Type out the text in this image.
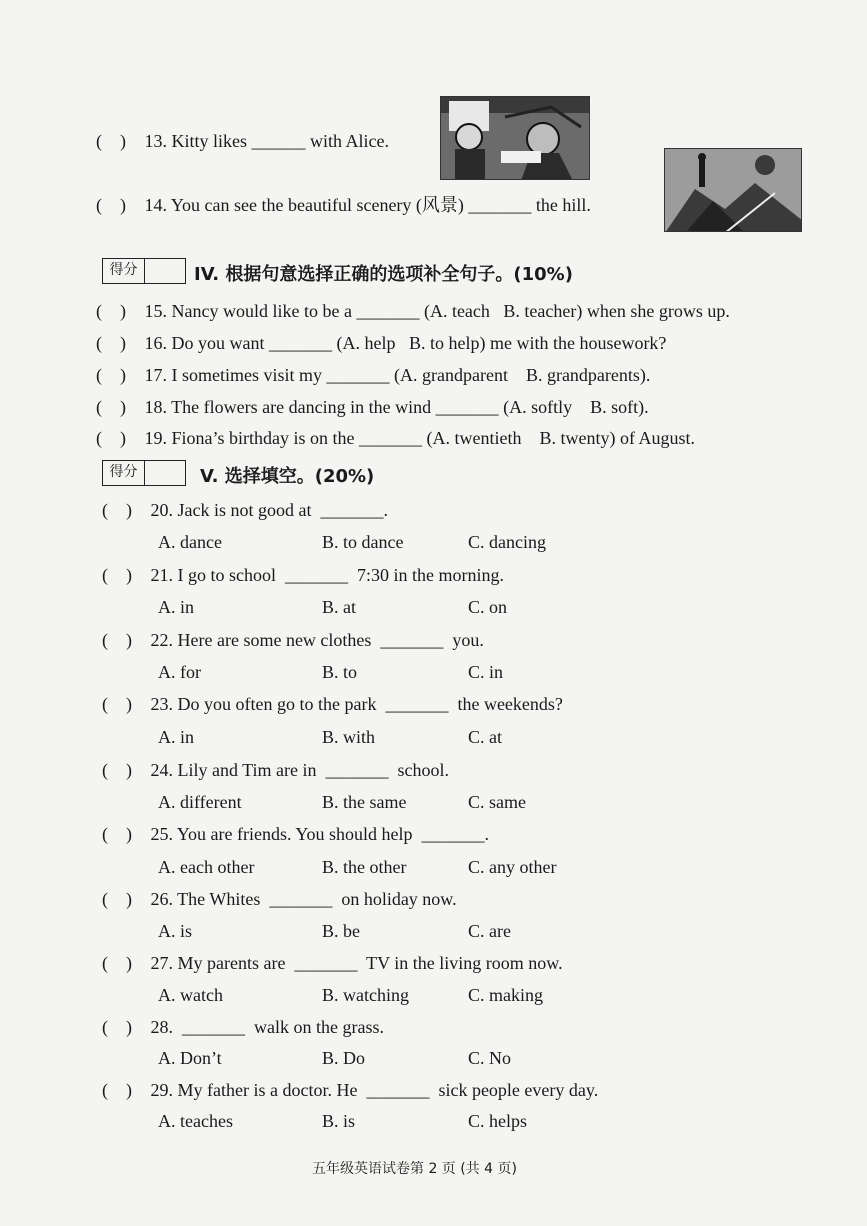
(    ) 13. Kitty likes ______ with Alice.
(    ) 14. You can see the beautiful scenery (风景) _______ the hill.
得分	IV. 根据句意选择正确的选项补全句子。(10%)
(    ) 15. Nancy would like to be a _______ (A. teach   B. teacher) when she grows up.
(    ) 16. Do you want _______ (A. help   B. to help) me with the housework?
(    ) 17. I sometimes visit my _______ (A. grandparent    B. grandparents).
(    ) 18. The flowers are dancing in the wind _______ (A. softly    B. soft).
(    ) 19. Fiona’s birthday is on the _______ (A. twentieth    B. twenty) of August.
得分	V. 选择填空。(20%)
(    ) 20. Jack is not good at  _______.
A. dance	B. to dance	C. dancing
(    ) 21. I go to school  _______  7:30 in the morning.
A. in	B. at	C. on
(    ) 22. Here are some new clothes  _______  you.
A. for	B. to	C. in
(    ) 23. Do you often go to the park  _______  the weekends?
A. in	B. with	C. at
(    ) 24. Lily and Tim are in  _______  school.
A. different	B. the same	C. same
(    ) 25. You are friends. You should help  _______.
A. each other	B. the other	C. any other
(    ) 26. The Whites  _______  on holiday now.
A. is	B. be	C. are
(    ) 27. My parents are  _______  TV in the living room now.
A. watch	B. watching	C. making
(    ) 28.  _______  walk on the grass.
A. Don’t	B. Do	C. No
(    ) 29. My father is a doctor. He  _______  sick people every day.
A. teaches	B. is	C. helps
五年级英语试卷第 2 页 (共 4 页)
